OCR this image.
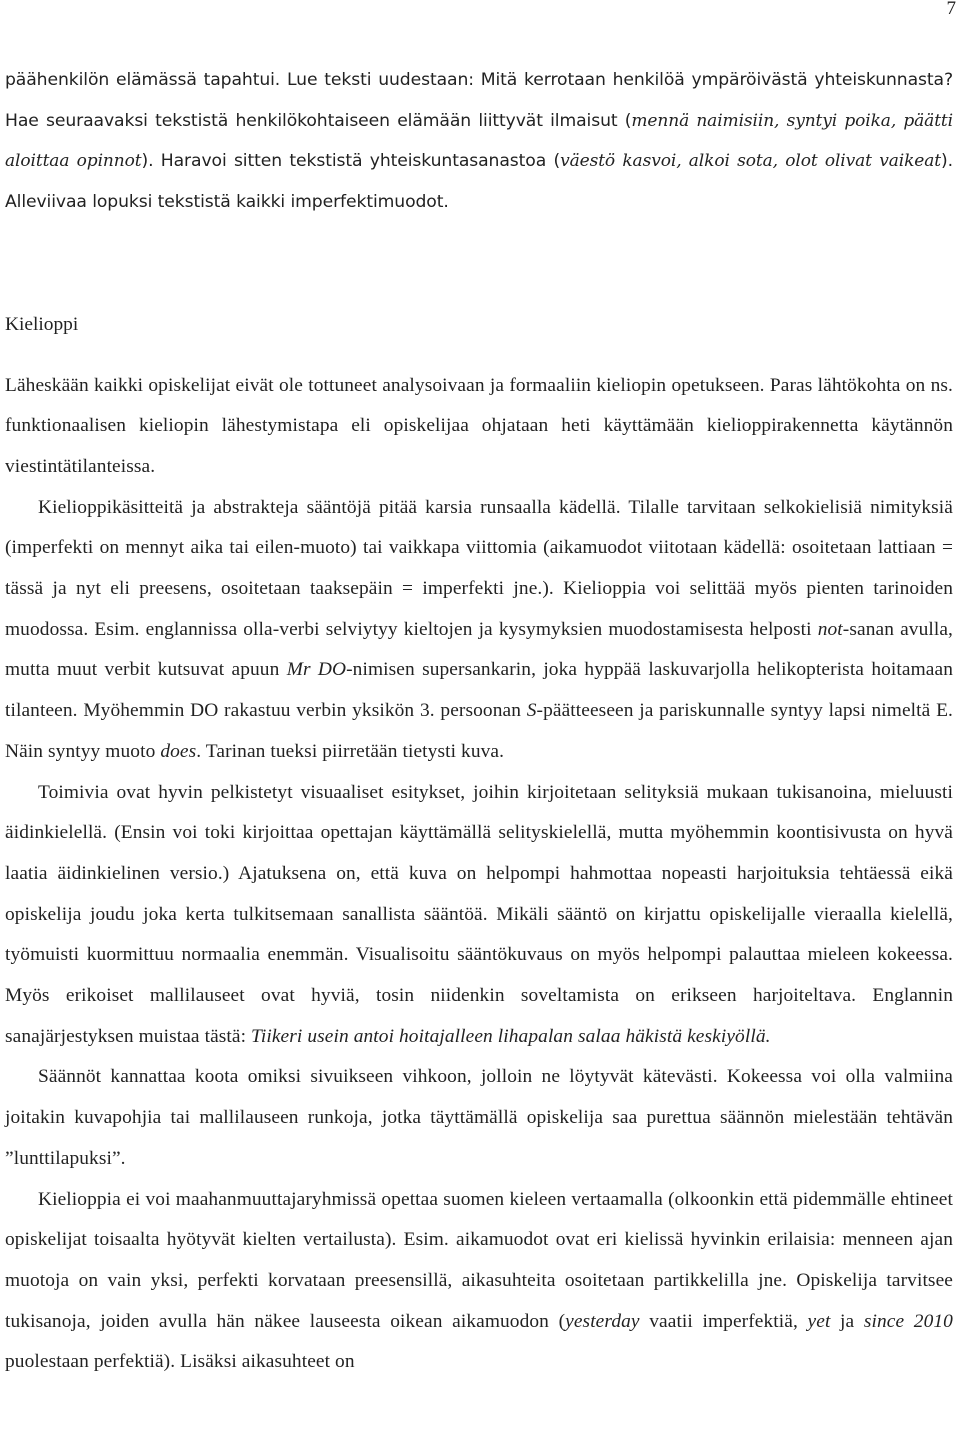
7

päähenkilön elämässä tapahtui. Lue teksti uudestaan: Mitä kerrotaan henkilöä ympäröivästä yhteiskunnasta? Hae seuraavaksi tekstistä henkilökohtaiseen elämään liittyvät ilmaisut (mennä naimisiin, syntyi poika, päätti aloittaa opinnot). Haravoi sitten tekstistä yhteiskuntasanastoa (väestö kasvoi, alkoi sota, olot olivat vaikeat). Alleviivaa lopuksi tekstistä kaikki imperfektimuodot.

Kielioppi

Läheskään kaikki opiskelijat eivät ole tottuneet analysoivaan ja formaaliin kieliopin opetukseen. Paras lähtökohta on ns. funktionaalisen kieliopin lähestymistapa eli opiskelijaa ohjataan heti käyttämään kielioppirakennetta käytännön viestintätilanteissa.

Kielioppikäsitteitä ja abstrakteja sääntöjä pitää karsia runsaalla kädellä. Tilalle tarvitaan selkokielisiä nimityksiä (imperfekti on mennyt aika tai eilen-muoto) tai vaikkapa viittomia (aikamuodot viitotaan kädellä: osoitetaan lattiaan = tässä ja nyt eli preesens, osoitetaan taaksepäin = imperfekti jne.). Kielioppia voi selittää myös pienten tarinoiden muodossa. Esim. englannissa olla-verbi selviytyy kieltojen ja kysymyksien muodostamisesta helposti not-sanan avulla, mutta muut verbit kutsuvat apuun Mr DO-nimisen supersankarin, joka hyppää laskuvarjolla helikopterista hoitamaan tilanteen. Myöhemmin DO rakastuu verbin yksikön 3. persoonan S-päätteeseen ja pariskunnalle syntyy lapsi nimeltä E. Näin syntyy muoto does. Tarinan tueksi piirretään tietysti kuva.

Toimivia ovat hyvin pelkistetyt visuaaliset esitykset, joihin kirjoitetaan selityksiä mukaan tukisanoina, mieluusti äidinkielellä. (Ensin voi toki kirjoittaa opettajan käyttämällä selityskielellä, mutta myöhemmin koontisivusta on hyvä laatia äidinkielinen versio.) Ajatuksena on, että kuva on helpompi hahmottaa nopeasti harjoituksia tehtäessä eikä opiskelija joudu joka kerta tulkitsemaan sanallista sääntöä. Mikäli sääntö on kirjattu opiskelijalle vieraalla kielellä, työmuisti kuormittuu normaalia enemmän. Visualisoitu sääntökuvaus on myös helpompi palauttaa mieleen kokeessa. Myös erikoiset mallilauseet ovat hyviä, tosin niidenkin soveltamista on erikseen harjoiteltava. Englannin sanajärjestyksen muistaa tästä: Tiikeri usein antoi hoitajalleen lihapalan salaa häkistä keskiyöllä.

Säännöt kannattaa koota omiksi sivuikseen vihkoon, jolloin ne löytyvät kätevästi. Kokeessa voi olla valmiina joitakin kuvapohjia tai mallilauseen runkoja, jotka täyttämällä opiskelija saa purettua säännön mielestään tehtävän ”lunttilapuksi”.

Kielioppia ei voi maahanmuuttajaryhmissä opettaa suomen kieleen vertaamalla (olkoonkin että pidemmälle ehtineet opiskelijat toisaalta hyötyvät kielten vertailusta). Esim. aikamuodot ovat eri kielissä hyvinkin erilaisia: menneen ajan muotoja on vain yksi, perfekti korvataan preesensillä, aikasuhteita osoitetaan partikkelilla jne. Opiskelija tarvitsee tukisanoja, joiden avulla hän näkee lauseesta oikean aikamuodon (yesterday vaatii imperfektiä, yet ja since 2010 puolestaan perfektiä). Lisäksi aikasuhteet on
